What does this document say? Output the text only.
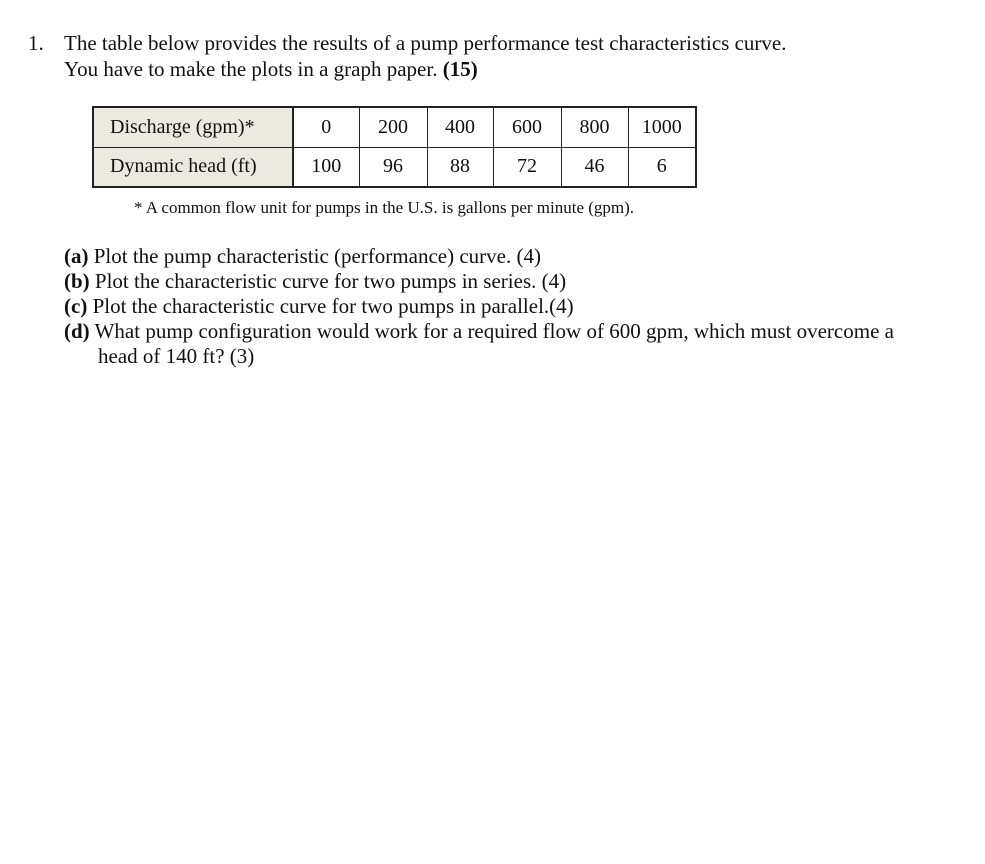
1. The table below provides the results of a pump performance test characteristics curve.
You have to make the plots in a graph paper. (15)
Discharge (gpm)*	0	200	400	600	800	1000
Dynamic head (ft)	100	96	88	72	46	6
* A common flow unit for pumps in the U.S. is gallons per minute (gpm).

(a) Plot the pump characteristic (performance) curve. (4)

(b) Plot the characteristic curve for two pumps in series. (4)

(c) Plot the characteristic curve for two pumps in parallel.(4)

(d) What pump configuration would work for a required flow of 600 gpm, which must overcome a head of 140 ft? (3)
